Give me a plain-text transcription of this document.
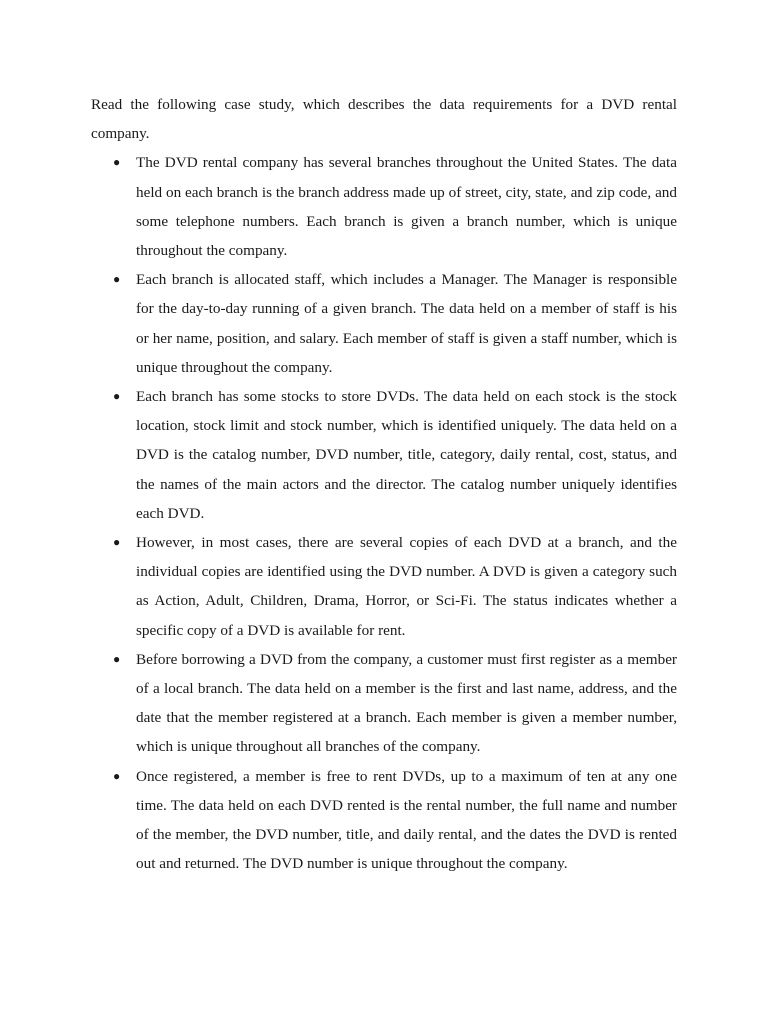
Read the following case study, which describes the data requirements for a DVD rental company.

● The DVD rental company has several branches throughout the United States. The data held on each branch is the branch address made up of street, city, state, and zip code, and some telephone numbers. Each branch is given a branch number, which is unique throughout the company.
● Each branch is allocated staff, which includes a Manager. The Manager is responsible for the day-to-day running of a given branch. The data held on a member of staff is his or her name, position, and salary. Each member of staff is given a staff number, which is unique throughout the company.
● Each branch has some stocks to store DVDs. The data held on each stock is the stock location, stock limit and stock number, which is identified uniquely. The data held on a DVD is the catalog number, DVD number, title, category, daily rental, cost, status, and the names of the main actors and the director. The catalog number uniquely identifies each DVD.
● However, in most cases, there are several copies of each DVD at a branch, and the individual copies are identified using the DVD number. A DVD is given a category such as Action, Adult, Children, Drama, Horror, or Sci-Fi. The status indicates whether a specific copy of a DVD is available for rent.
● Before borrowing a DVD from the company, a customer must first register as a member of a local branch. The data held on a member is the first and last name, address, and the date that the member registered at a branch. Each member is given a member number, which is unique throughout all branches of the company.
● Once registered, a member is free to rent DVDs, up to a maximum of ten at any one time. The data held on each DVD rented is the rental number, the full name and number of the member, the DVD number, title, and daily rental, and the dates the DVD is rented out and returned. The DVD number is unique throughout the company.
